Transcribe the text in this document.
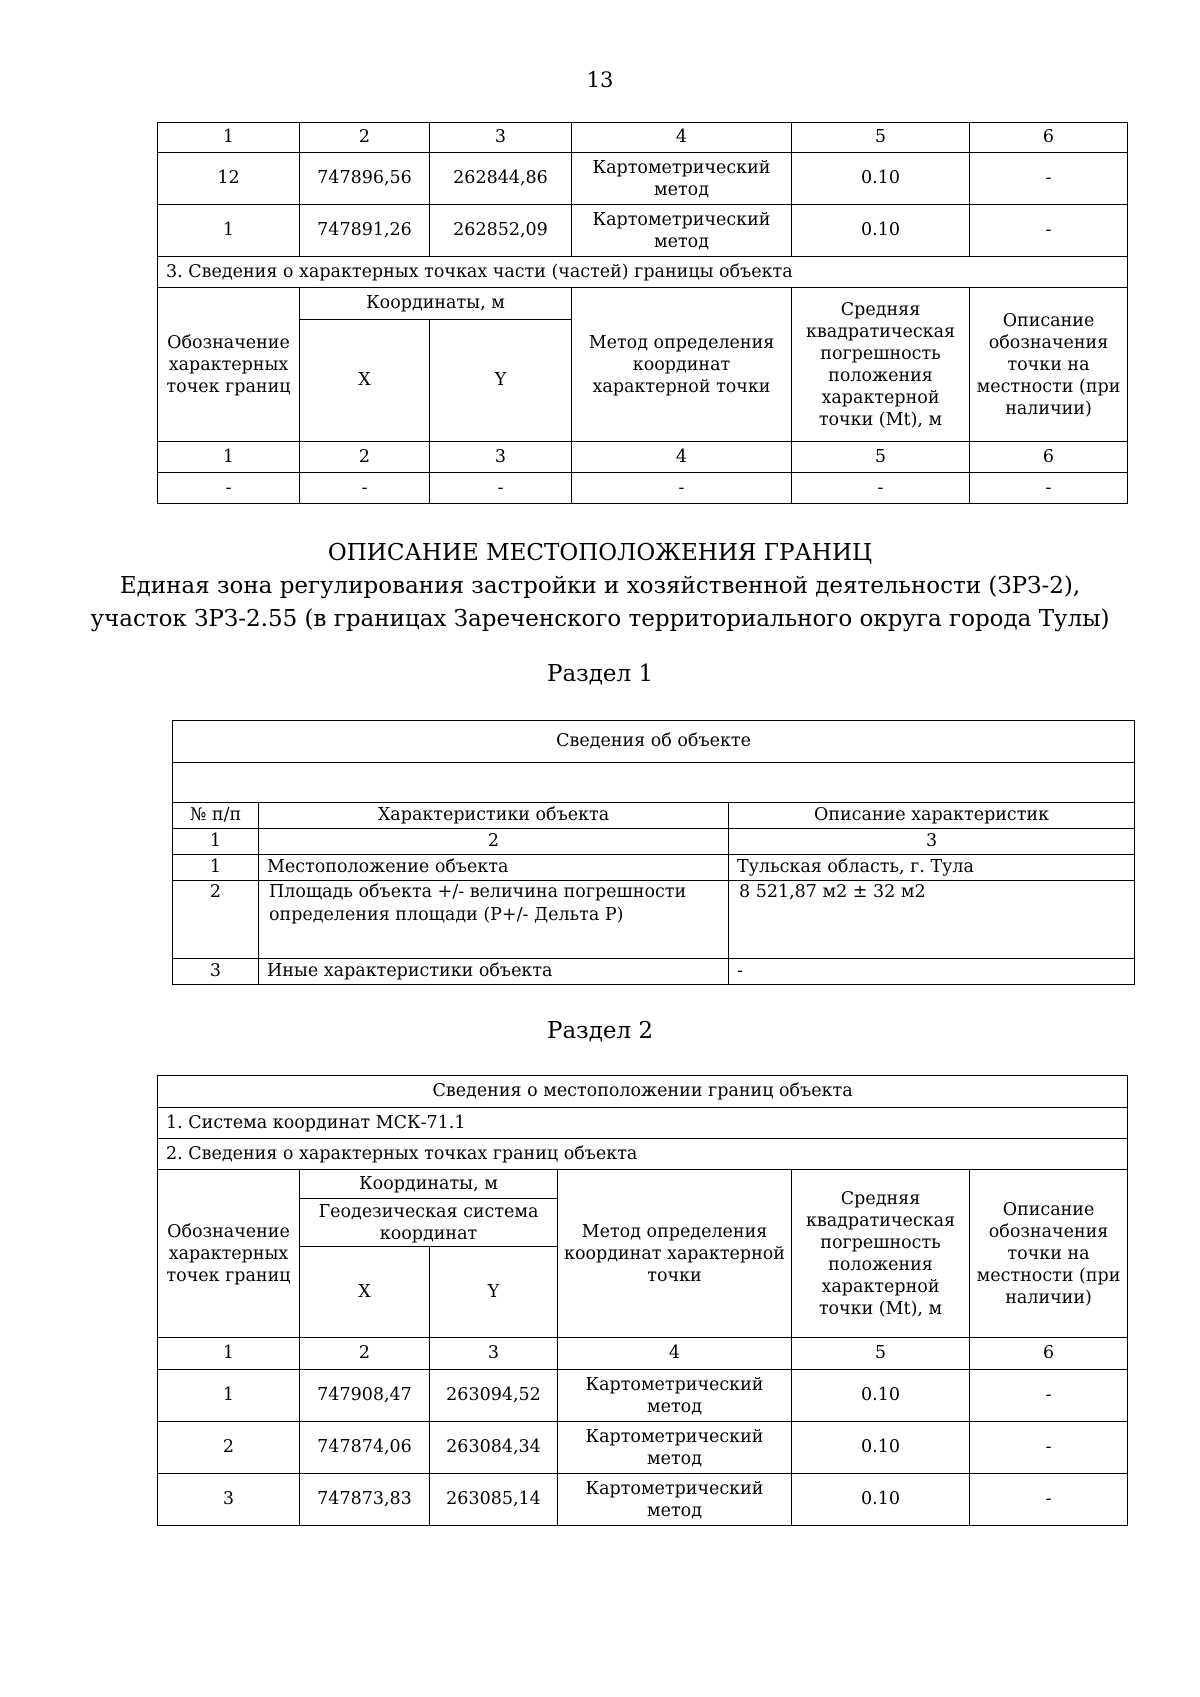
13
1	2	3	4	5	6
12	747896,56	262844,86	Картометрический метод	0.10	-
1	747891,26	262852,09	Картометрический метод	0.10	-
3. Сведения о характерных точках части (частей) границы объекта					
Обозначение характерных точек границ	Координаты, м		Метод определения координат характерной точки	Средняя квадратическая погрешность положения характерной точки (Mt), м	Описание обозначения точки на местности (при наличии)
	X	Y			
1	2	3	4	5	6
-	-	-	-	-	-
ОПИСАНИЕ МЕСТОПОЛОЖЕНИЯ ГРАНИЦ
Единая зона регулирования застройки и хозяйственной деятельности (ЗРЗ-2),
участок ЗРЗ-2.55 (в границах Зареченского территориального округа города Тулы)
Раздел 1
Сведения об объекте		

№ п/п	Характеристики объекта	Описание характеристик
1	2	3
1	Местоположение объекта	Тульская область, г. Тула
2	Площадь объекта +/- величина погрешности определения площади (P+/- Дельта P)	8 521,87 м2 ± 32 м2
3	Иные характеристики объекта	-
Раздел 2
Сведения о местоположении границ объекта					
1. Система координат МСК-71.1					
2. Сведения о характерных точках границ объекта					
Обозначение характерных точек границ	Координаты, м		Метод определения координат характерной точки	Средняя квадратическая погрешность положения характерной точки (Mt), м	Описание обозначения точки на местности (при наличии)
	Геодезическая система координат				
	X	Y			
1	2	3	4	5	6
1	747908,47	263094,52	Картометрический метод	0.10	-
2	747874,06	263084,34	Картометрический метод	0.10	-
3	747873,83	263085,14	Картометрический метод	0.10	-
